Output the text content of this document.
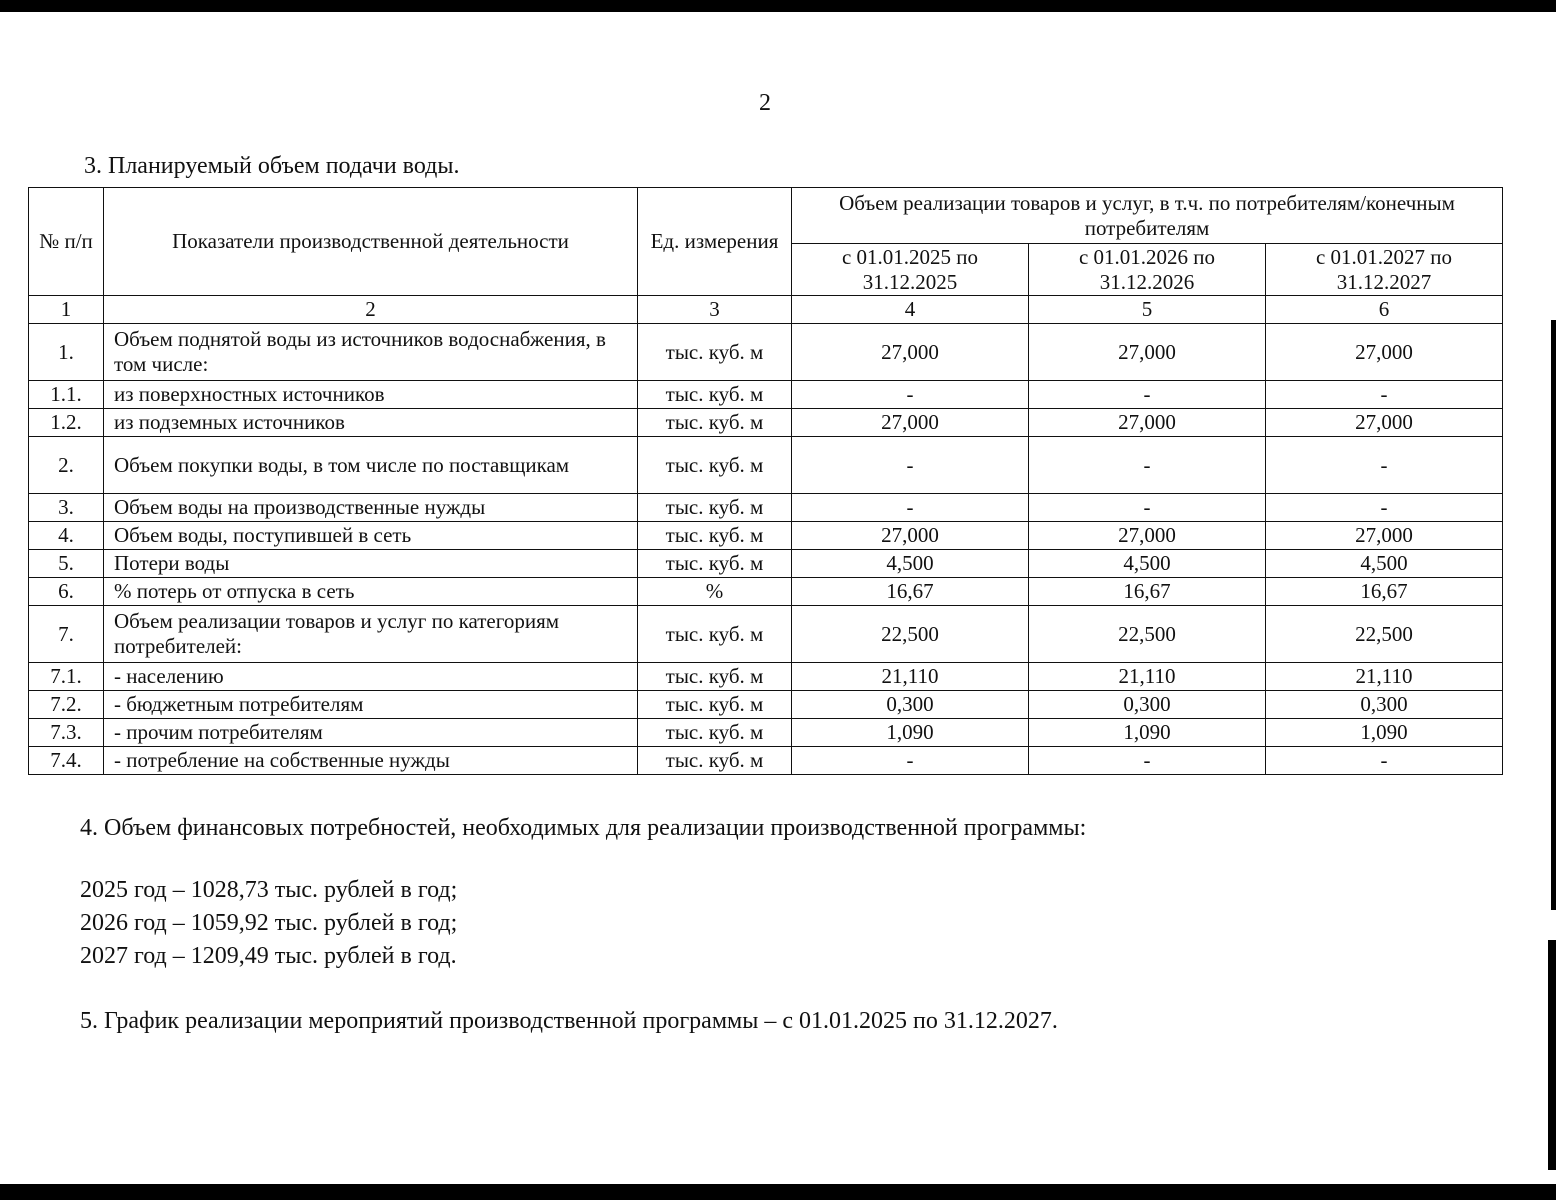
2
3. Планируемый объем подачи воды.
№ п/п	Показатели производственной деятельности	Ед. измерения	Объем реализации товаров и услуг, в т.ч. по потребителям/конечным потребителям		
			с 01.01.2025 по 31.12.2025	с 01.01.2026 по 31.12.2026	с 01.01.2027 по 31.12.2027
1	2	3	4	5	6
1.	Объем поднятой воды из источников водоснабжения, в том числе:	тыс. куб. м	27,000	27,000	27,000
1.1.	из поверхностных источников	тыс. куб. м	-	-	-
1.2.	из подземных источников	тыс. куб. м	27,000	27,000	27,000
2.	Объем покупки воды, в том числе по поставщикам	тыс. куб. м	-	-	-
3.	Объем воды на производственные нужды	тыс. куб. м	-	-	-
4.	Объем воды, поступившей в сеть	тыс. куб. м	27,000	27,000	27,000
5.	Потери воды	тыс. куб. м	4,500	4,500	4,500
6.	% потерь от отпуска в сеть	%	16,67	16,67	16,67
7.	Объем реализации товаров и услуг по категориям потребителей:	тыс. куб. м	22,500	22,500	22,500
7.1.	- населению	тыс. куб. м	21,110	21,110	21,110
7.2.	- бюджетным потребителям	тыс. куб. м	0,300	0,300	0,300
7.3.	- прочим потребителям	тыс. куб. м	1,090	1,090	1,090
7.4.	- потребление на собственные нужды	тыс. куб. м	-	-	-
4. Объем финансовых потребностей, необходимых для реализации производственной программы:
2025 год – 1028,73 тыс. рублей в год;
2026 год – 1059,92 тыс. рублей в год;
2027 год – 1209,49 тыс. рублей в год.
5. График реализации мероприятий производственной программы – с 01.01.2025 по 31.12.2027.
